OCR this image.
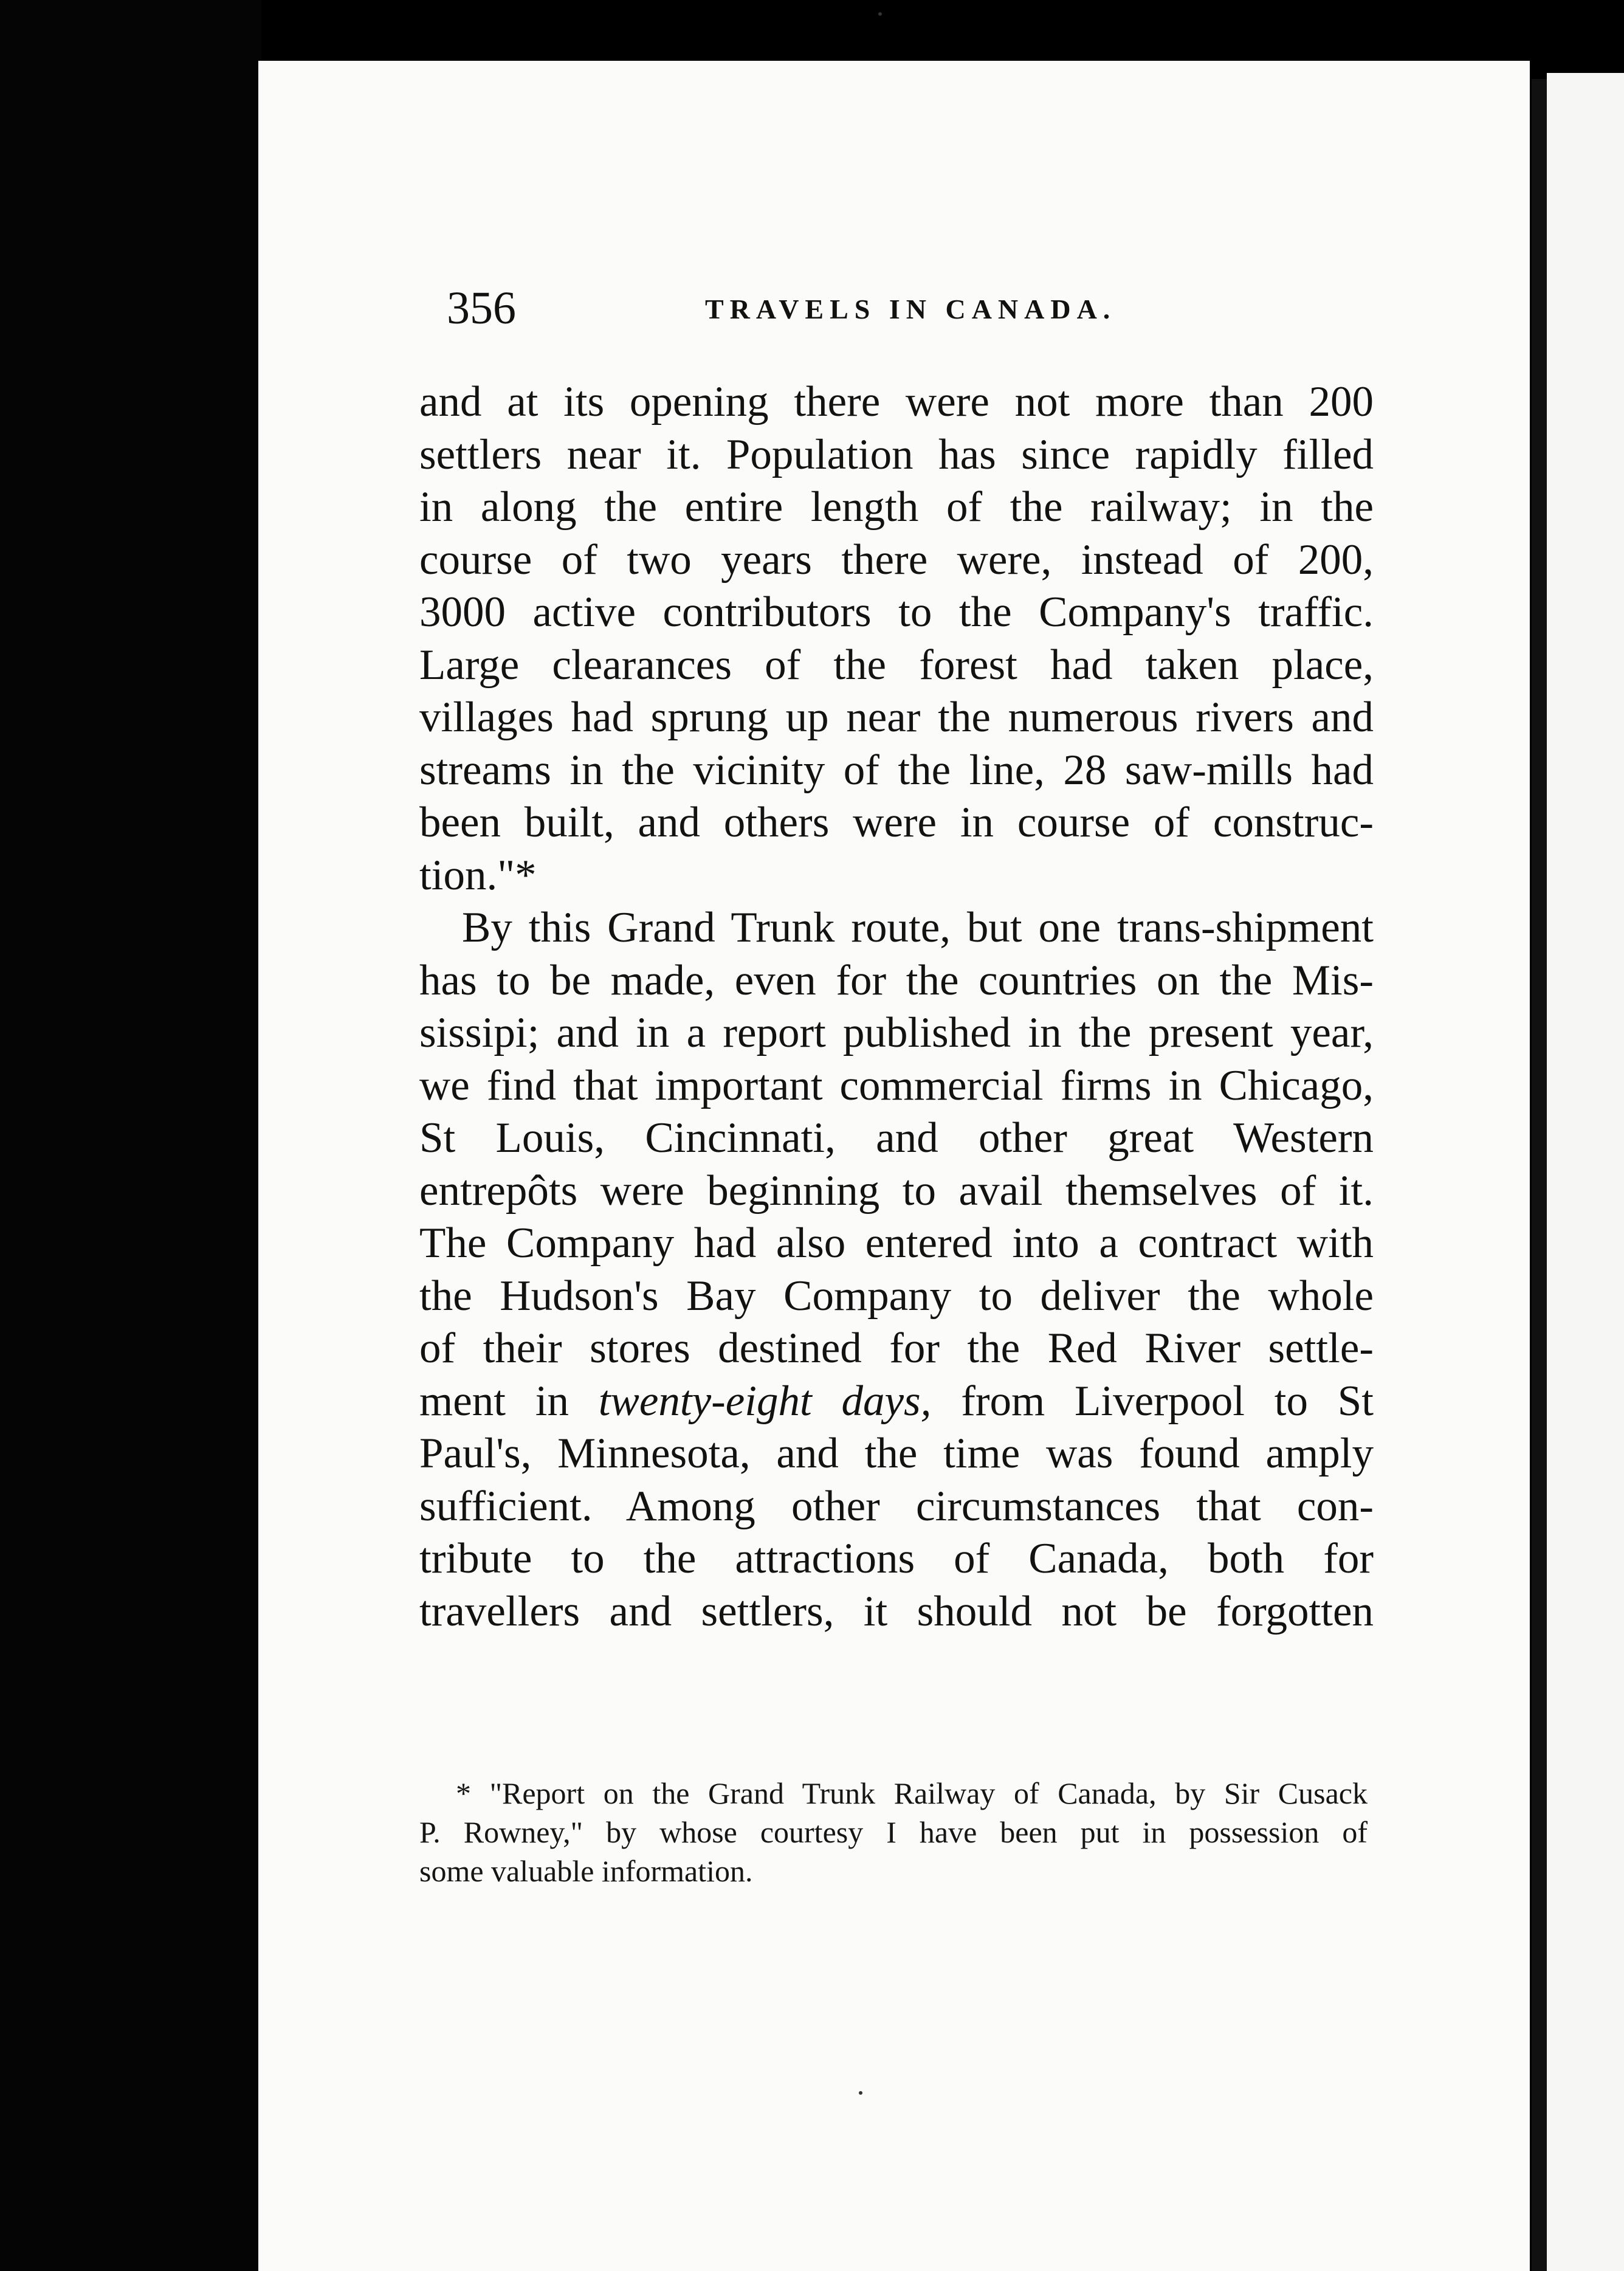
356	TRAVELS IN CANADA.
and at its opening there were not more than 200
settlers near it. Population has since rapidly filled
in along the entire length of the railway; in the
course of two years there were, instead of 200,
3000 active contributors to the Company's traffic.
Large clearances of the forest had taken place,
villages had sprung up near the numerous rivers and
streams in the vicinity of the line, 28 saw-mills had
been built, and others were in course of construc-
tion."*
By this Grand Trunk route, but one trans-shipment
has to be made, even for the countries on the Mis-
sissipi; and in a report published in the present year,
we find that important commercial firms in Chicago,
St Louis, Cincinnati, and other great Western
entrepôts were beginning to avail themselves of it.
The Company had also entered into a contract with
the Hudson's Bay Company to deliver the whole
of their stores destined for the Red River settle-
ment in twenty-eight days, from Liverpool to St
Paul's, Minnesota, and the time was found amply
sufficient. Among other circumstances that con-
tribute to the attractions of Canada, both for
travellers and settlers, it should not be forgotten
* "Report on the Grand Trunk Railway of Canada, by Sir Cusack
P. Rowney," by whose courtesy I have been put in possession of
some valuable information.
